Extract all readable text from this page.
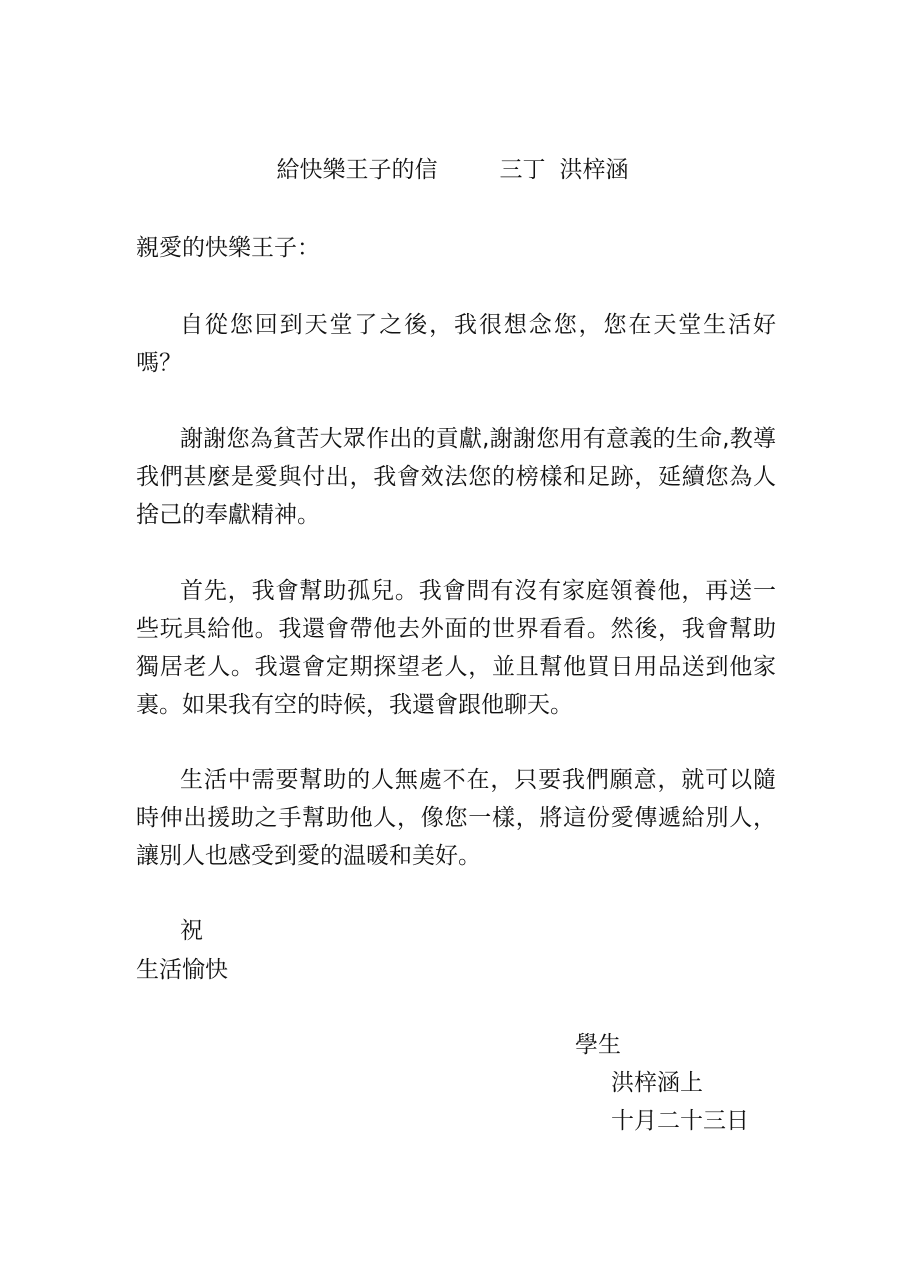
給快樂王子的信	三丁 洪梓涵
親愛的快樂王子：
自從您回到天堂了之後，我很想念您，您在天堂生活好嗎？
謝謝您為貧苦大眾作出的貢獻,謝謝您用有意義的生命,教導我們甚麼是愛與付出，我會效法您的榜樣和足跡，延續您為人捨己的奉獻精神。
首先，我會幫助孤兒。我會問有沒有家庭領養他，再送一些玩具給他。我還會帶他去外面的世界看看。然後，我會幫助獨居老人。我還會定期探望老人，並且幫他買日用品送到他家裏。如果我有空的時候，我還會跟他聊天。
生活中需要幫助的人無處不在，只要我們願意，就可以隨時伸出援助之手幫助他人，像您一樣，將這份愛傳遞給別人，讓別人也感受到愛的温暖和美好。
祝
生活愉快
學生
洪梓涵上
十月二十三日
